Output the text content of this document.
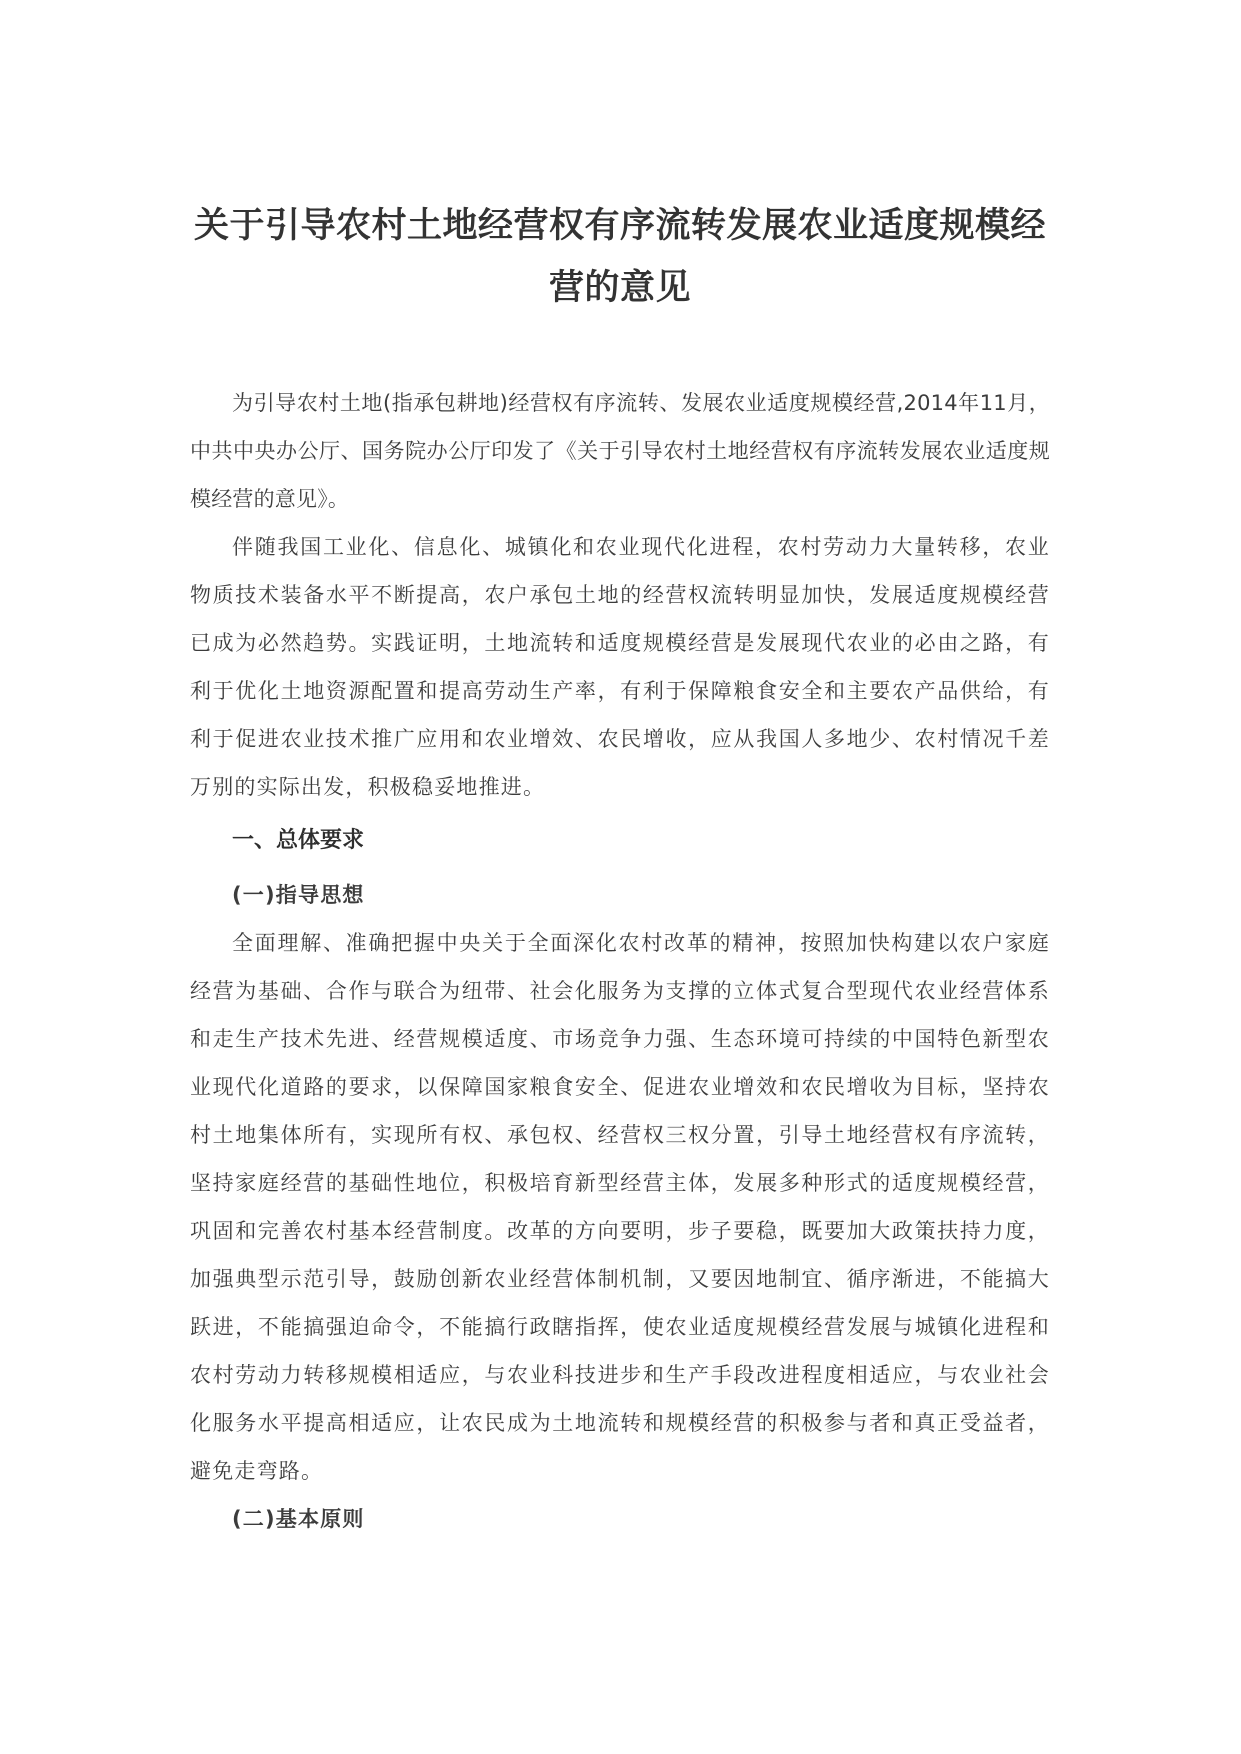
关于引导农村土地经营权有序流转发展农业适度规模经营的意见

为引导农村土地(指承包耕地)经营权有序流转、发展农业适度规模经营,2014年11月，中共中央办公厅、国务院办公厅印发了《关于引导农村土地经营权有序流转发展农业适度规模经营的意见》。

伴随我国工业化、信息化、城镇化和农业现代化进程，农村劳动力大量转移，农业物质技术装备水平不断提高，农户承包土地的经营权流转明显加快，发展适度规模经营已成为必然趋势。实践证明，土地流转和适度规模经营是发展现代农业的必由之路，有利于优化土地资源配置和提高劳动生产率，有利于保障粮食安全和主要农产品供给，有利于促进农业技术推广应用和农业增效、农民增收，应从我国人多地少、农村情况千差万别的实际出发，积极稳妥地推进。

一、总体要求
(一)指导思想

全面理解、准确把握中央关于全面深化农村改革的精神，按照加快构建以农户家庭经营为基础、合作与联合为纽带、社会化服务为支撑的立体式复合型现代农业经营体系和走生产技术先进、经营规模适度、市场竞争力强、生态环境可持续的中国特色新型农业现代化道路的要求，以保障国家粮食安全、促进农业增效和农民增收为目标，坚持农村土地集体所有，实现所有权、承包权、经营权三权分置，引导土地经营权有序流转，坚持家庭经营的基础性地位，积极培育新型经营主体，发展多种形式的适度规模经营，巩固和完善农村基本经营制度。改革的方向要明，步子要稳，既要加大政策扶持力度，加强典型示范引导，鼓励创新农业经营体制机制，又要因地制宜、循序渐进，不能搞大跃进，不能搞强迫命令，不能搞行政瞎指挥，使农业适度规模经营发展与城镇化进程和农村劳动力转移规模相适应，与农业科技进步和生产手段改进程度相适应，与农业社会化服务水平提高相适应，让农民成为土地流转和规模经营的积极参与者和真正受益者，避免走弯路。

(二)基本原则
